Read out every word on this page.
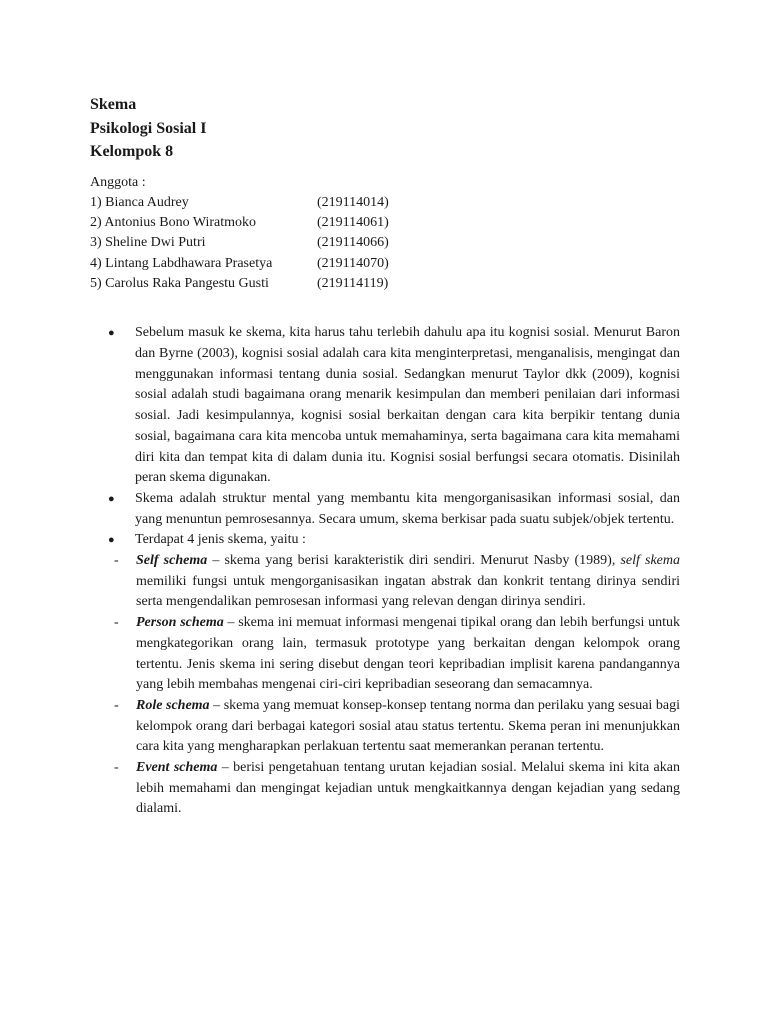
Skema

Psikologi Sosial I

Kelompok 8

Anggota :
1) Bianca Audrey	(219114014)
2) Antonius Bono Wiratmoko	(219114061)
3) Sheline Dwi Putri	(219114066)
4) Lintang Labdhawara Prasetya	(219114070)
5) Carolus Raka Pangestu Gusti	(219114119)
● Sebelum masuk ke skema, kita harus tahu terlebih dahulu apa itu kognisi sosial. Menurut Baron dan Byrne (2003), kognisi sosial adalah cara kita menginterpretasi, menganalisis, mengingat dan menggunakan informasi tentang dunia sosial. Sedangkan menurut Taylor dkk (2009), kognisi sosial adalah studi bagaimana orang menarik kesimpulan dan memberi penilaian dari informasi sosial. Jadi kesimpulannya, kognisi sosial berkaitan dengan cara kita berpikir tentang dunia sosial, bagaimana cara kita mencoba untuk memahaminya, serta bagaimana cara kita memahami diri kita dan tempat kita di dalam dunia itu. Kognisi sosial berfungsi secara otomatis. Disinilah peran skema digunakan.
● Skema adalah struktur mental yang membantu kita mengorganisasikan informasi sosial, dan yang menuntun pemrosesannya. Secara umum, skema berkisar pada suatu subjek/objek tertentu.
● Terdapat 4 jenis skema, yaitu :
- Self schema – skema yang berisi karakteristik diri sendiri. Menurut Nasby (1989), self skema memiliki fungsi untuk mengorganisasikan ingatan abstrak dan konkrit tentang dirinya sendiri serta mengendalikan pemrosesan informasi yang relevan dengan dirinya sendiri.
- Person schema – skema ini memuat informasi mengenai tipikal orang dan lebih berfungsi untuk mengkategorikan orang lain, termasuk prototype yang berkaitan dengan kelompok orang tertentu. Jenis skema ini sering disebut dengan teori kepribadian implisit karena pandangannya yang lebih membahas mengenai ciri-ciri kepribadian seseorang dan semacamnya.
- Role schema – skema yang memuat konsep-konsep tentang norma dan perilaku yang sesuai bagi kelompok orang dari berbagai kategori sosial atau status tertentu. Skema peran ini menunjukkan cara kita yang mengharapkan perlakuan tertentu saat memerankan peranan tertentu.
- Event schema – berisi pengetahuan tentang urutan kejadian sosial. Melalui skema ini kita akan lebih memahami dan mengingat kejadian untuk mengkaitkannya dengan kejadian yang sedang dialami.
